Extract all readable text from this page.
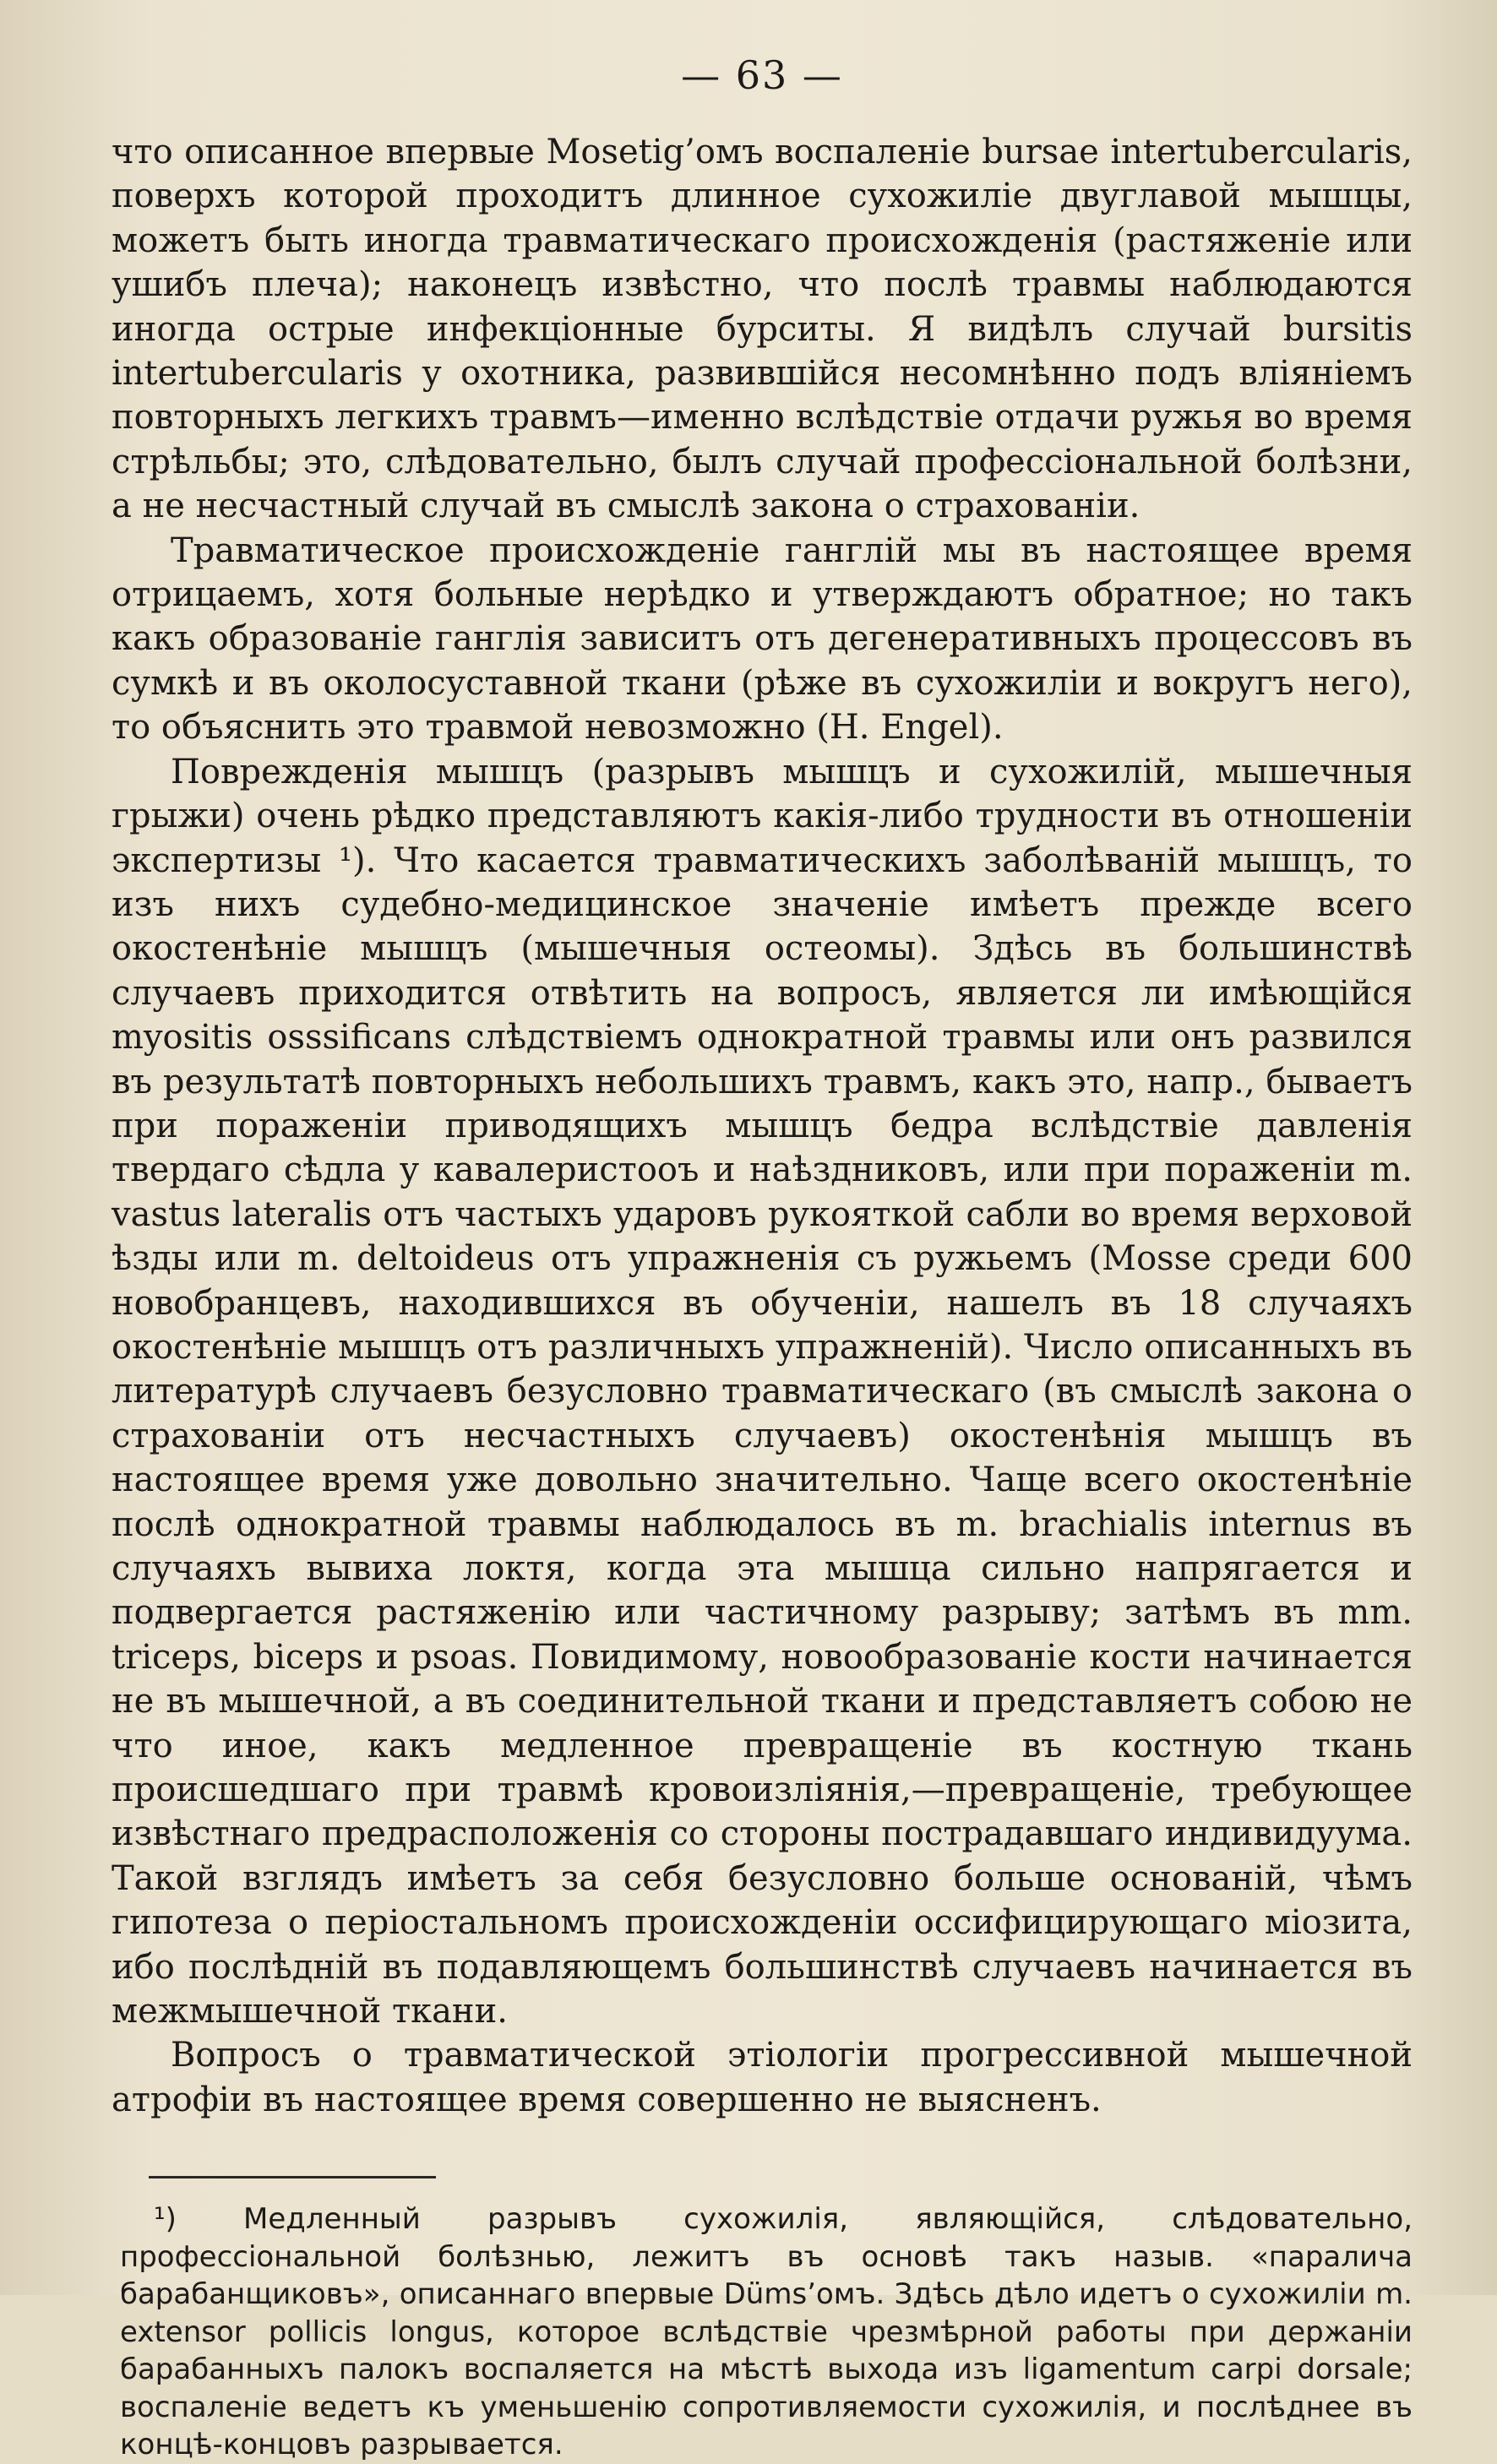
— 63 —

что описанное впервые Mosetig’омъ воспаленіе bursae intertubercularis, поверхъ которой проходитъ длинное сухожиліе двуглавой мышцы, можетъ быть иногда травматическаго происхожденія (растяженіе или ушибъ плеча); наконецъ извѣстно, что послѣ травмы наблюдаются иногда острые инфекціонные бурситы. Я видѣлъ случай bursitis intertubercularis у охотника, развившійся несомнѣнно подъ вліяніемъ повторныхъ легкихъ травмъ—именно вслѣдствіе отдачи ружья во время стрѣльбы; это, слѣдовательно, былъ случай профессіональной болѣзни, а не несчастный случай въ смыслѣ закона о страхованіи.

Травматическое происхожденіе ганглій мы въ настоящее время отрицаемъ, хотя больные нерѣдко и утверждаютъ обратное; но такъ какъ образованіе ганглія зависитъ отъ дегенеративныхъ процессовъ въ сумкѣ и въ околосуставной ткани (рѣже въ сухожиліи и вокругъ него), то объяснить это травмой невозможно (H. Engel).

Поврежденія мышцъ (разрывъ мышцъ и сухожилій, мышечныя грыжи) очень рѣдко представляютъ какія-либо трудности въ отношеніи экспертизы ¹). Что касается травматическихъ заболѣваній мышцъ, то изъ нихъ судебно-медицинское значеніе имѣетъ прежде всего окостенѣніе мышцъ (мышечныя остеомы). Здѣсь въ большинствѣ случаевъ приходится отвѣтить на вопросъ, является ли имѣющійся myositis osssificans слѣдствіемъ однократной травмы или онъ развился въ результатѣ повторныхъ небольшихъ травмъ, какъ это, напр., бываетъ при пораженіи приводящихъ мышцъ бедра вслѣдствіе давленія твердаго сѣдла у кавалеристоoъ и наѣздниковъ, или при пораженіи m. vastus lateralis отъ частыхъ ударовъ рукояткой сабли во время верховой ѣзды или m. deltoideus отъ упражненія съ ружьемъ (Mosse среди 600 новобранцевъ, находившихся въ обученіи, нашелъ въ 18 случаяхъ окостенѣніе мышцъ отъ различныхъ упражненій). Число описанныхъ въ литературѣ случаевъ безусловно травматическаго (въ смыслѣ закона о страхованіи отъ несчастныхъ случаевъ) окостенѣнія мышцъ въ настоящее время уже довольно значительно. Чаще всего окостенѣніе послѣ однократной травмы наблюдалось въ m. brachialis internus въ случаяхъ вывиха локтя, когда эта мышца сильно напрягается и подвергается растяженію или частичному разрыву; затѣмъ въ mm. triceps, biceps и psoas. Повидимому, новообразованіе кости начинается не въ мышечной, а въ соединительной ткани и представляетъ собою не что иное, какъ медленное превращеніе въ костную ткань происшедшаго при травмѣ кровоизліянія,—превращеніе, требующее извѣстнаго предрасположенія со стороны пострадавшаго индивидуума. Такой взглядъ имѣетъ за себя безусловно больше основаній, чѣмъ гипотеза о періостальномъ происхожденіи оссифицирующаго міозита, ибо послѣдній въ подавляющемъ большинствѣ случаевъ начинается въ межмышечной ткани.

Вопросъ о травматической этіологіи прогрессивной мышечной атрофіи въ настоящее время совершенно не выясненъ.

¹) Медленный разрывъ сухожилія, являющійся, слѣдовательно, профессіональной болѣзнью, лежитъ въ основѣ такъ назыв. «паралича барабанщиковъ», описаннаго впервые Düms’омъ. Здѣсь дѣло идетъ о сухожиліи m. extensor pollicis longus, которое вслѣдствіе чрезмѣрной работы при держаніи барабанныхъ палокъ воспаляется на мѣстѣ выхода изъ ligamentum carpi dorsale; воспаленіе ведетъ къ уменьшенію сопротивляемости сухожилія, и послѣднее въ концѣ-концовъ разрывается.
